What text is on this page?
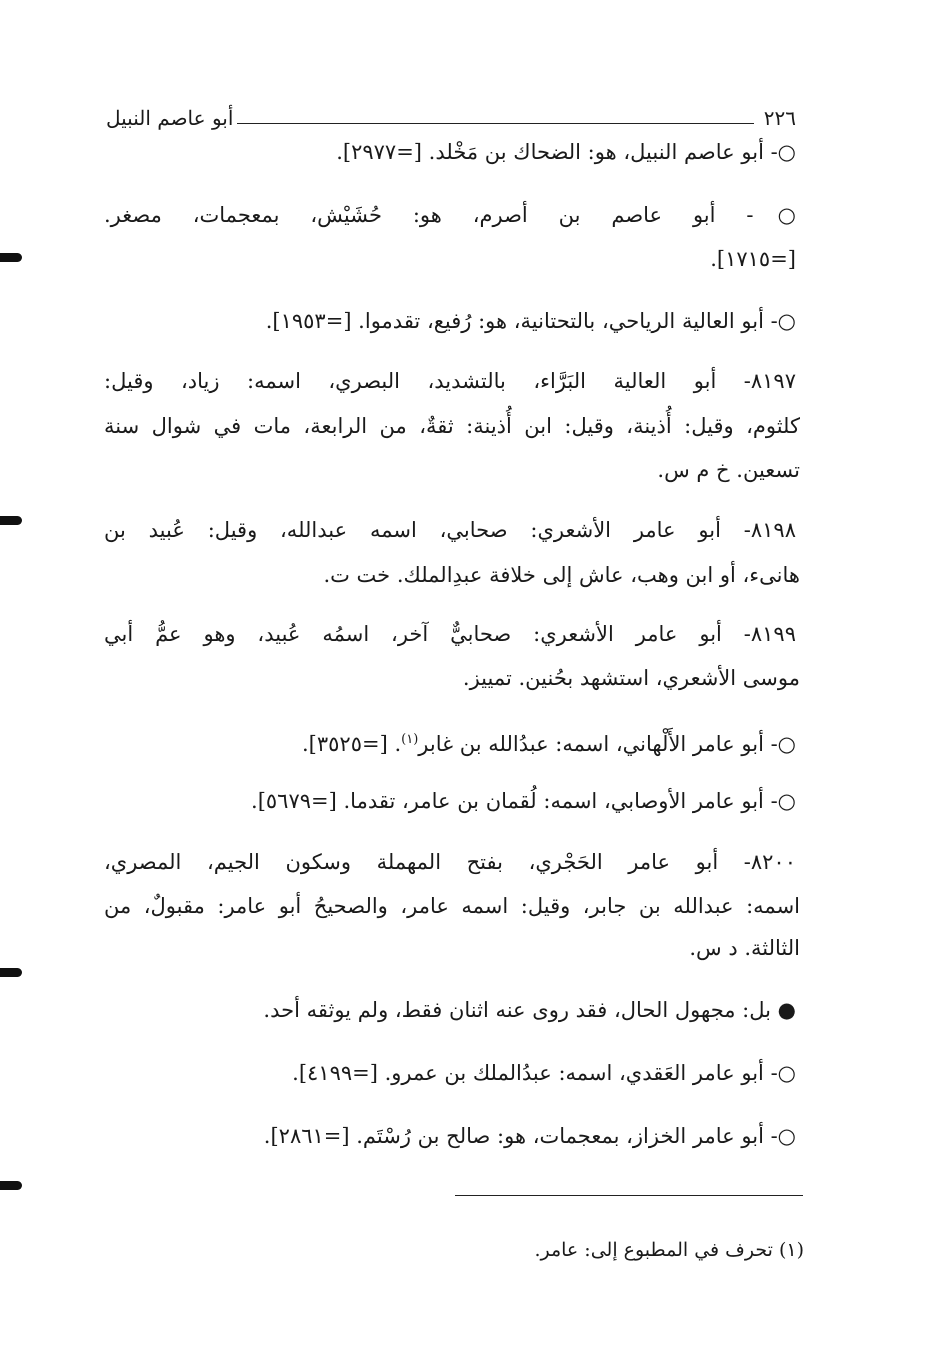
٢٢٦
أبو عاصم النبيل
○- أبو عاصم النبيل، هو: الضحاك بن مَخْلد. [=٢٩٧٧].
○- أبو عاصم بن أصرم، هو: حُشَيْش، بمعجمات، مصغر.
[=١٧١٥].
○- أبو العالية الرياحي، بالتحتانية، هو: رُفيع، تقدموا. [=١٩٥٣].
٨١٩٧- أبو العالية البَرَّاء، بالتشديد، البصري، اسمه: زياد، وقيل:
كلثوم، وقيل: أُذينة، وقيل: ابن أُذينة: ثقةٌ، من الرابعة، مات في شوال سنة
تسعين. خ م س.
٨١٩٨- أبو عامر الأشعري: صحابي، اسمه عبدالله، وقيل: عُبيد بن
هانىء، أو ابن وهب، عاش إلى خلافة عبدِالملك. خت ت.
٨١٩٩- أبو عامر الأشعري: صحابيٌّ آخر، اسمُه عُبيد، وهو عمُّ أبي
موسى الأشعري، استشهد بحُنين. تمييز.
○- أبو عامر الأَلْهاني، اسمه: عبدُالله بن غابر$^{(١)}$. [=٣٥٢٥].
○- أبو عامر الأوصابي، اسمه: لُقمان بن عامر، تقدما. [=٥٦٧٩].
٨٢٠٠- أبو عامر الحَجْري، بفتح المهملة وسكون الجيم، المصري،
اسمه: عبدالله بن جابر، وقيل: اسمه عامر، والصحيحُ أبو عامر: مقبولٌ، من
الثالثة. د س.
● بل: مجهول الحال، فقد روى عنه اثنان فقط، ولم يوثقه أحد.
○- أبو عامر العَقدي، اسمه: عبدُالملك بن عمرو. [=٤١٩٩].
○- أبو عامر الخزاز، بمعجمات، هو: صالح بن رُسْتَم. [=٢٨٦١].
(١) تحرف في المطبوع إلى: عامر.
